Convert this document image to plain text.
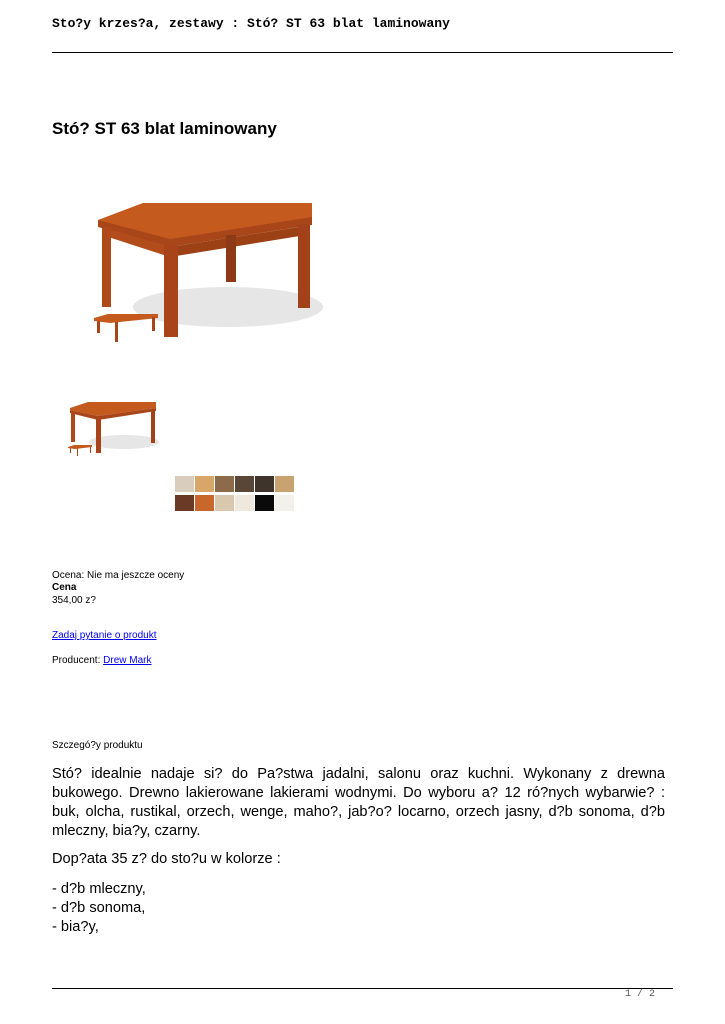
Sto?y krzes?a, zestawy : Stó? ST 63 blat laminowany
Stó? ST 63 blat laminowany
Ocena: Nie ma jeszcze oceny
Cena
354,00 z?
Zadaj pytanie o produkt
Producent: Drew Mark
Szczegó?y produktu

Stó? idealnie nadaje si? do Pa?stwa jadalni, salonu oraz kuchni. Wykonany z drewna bukowego. Drewno lakierowane lakierami wodnymi. Do wyboru a? 12 ró?nych wybarwie? : buk, olcha, rustikal, orzech, wenge, maho?, jab?o? locarno, orzech jasny, d?b sonoma, d?b mleczny, bia?y, czarny.

Dop?ata 35 z? do sto?u w kolorze :

- d?b mleczny,

- d?b sonoma,

- bia?y,

1 / 2
